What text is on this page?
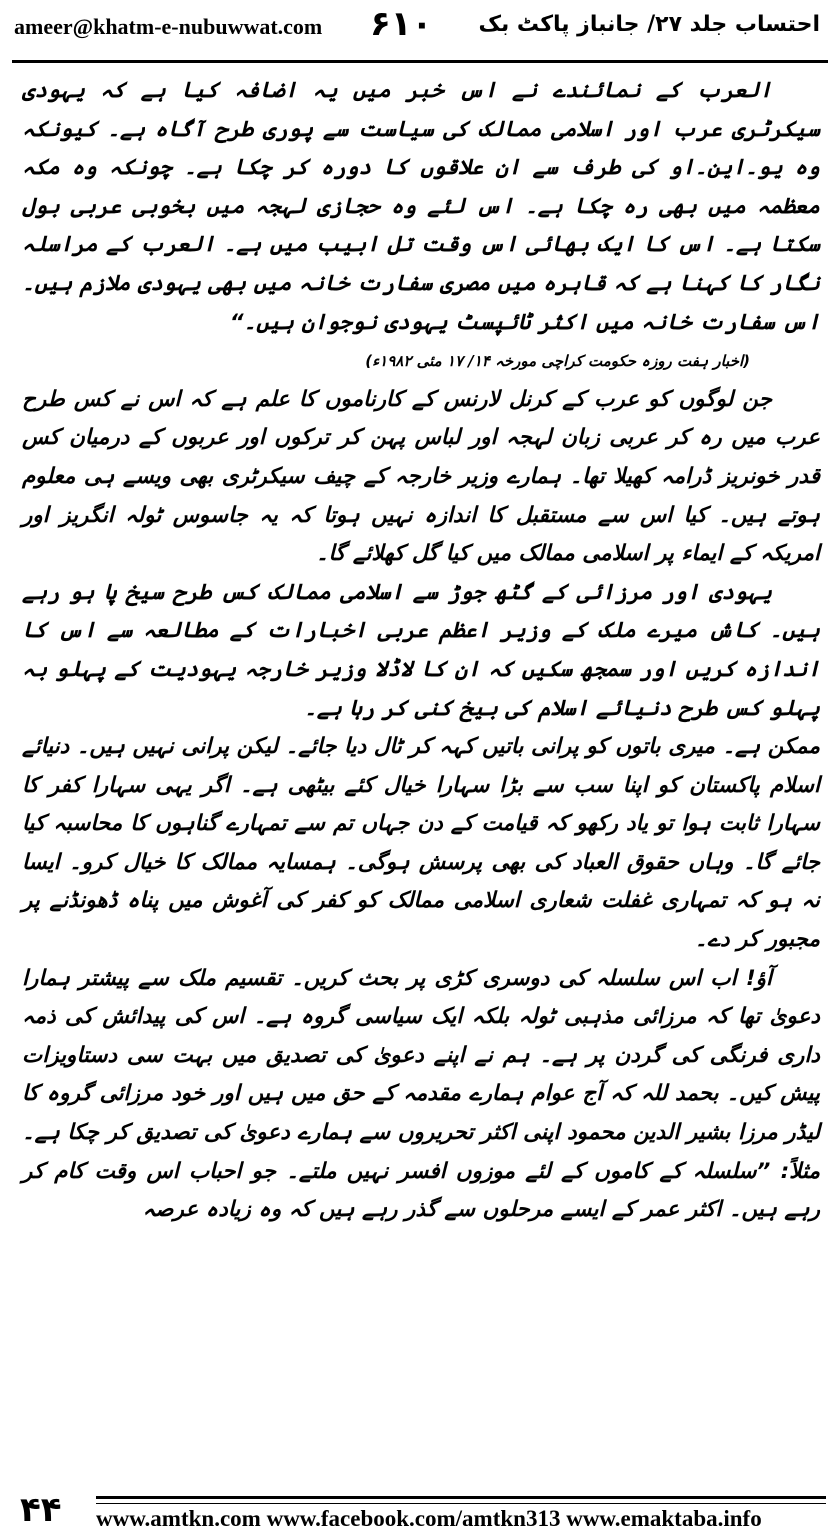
ameer@khatm-e-nubuwwat.com ۶۱۰ احتساب جلد ۲۷/ جانباز پاکٹ بک

العرب کے نمائندے نے اس خبر میں یہ اضافہ کیا ہے کہ یہودی سیکرٹری عرب اور اسلامی ممالک کی سیاست سے پوری طرح آگاہ ہے۔ کیونکہ وہ یو۔این۔او کی طرف سے ان علاقوں کا دورہ کر چکا ہے۔ چونکہ وہ مکہ معظمہ میں بھی رہ چکا ہے۔ اس لئے وہ حجازی لہجہ میں بخوبی عربی بول سکتا ہے۔ اس کا ایک بھائی اس وقت تل ابیب میں ہے۔ العرب کے مراسلہ نگار کا کہنا ہے کہ قاہرہ میں مصری سفارت خانہ میں بھی یہودی ملازم ہیں۔ اس سفارت خانہ میں اکثر ٹائپسٹ یہودی نوجوان ہیں۔“

(اخبار ہفت روزہ حکومت کراچی مورخہ ۱۴/ ۱۷ مئی ۱۹۸۲ء)

جن لوگوں کو عرب کے کرنل لارنس کے کارناموں کا علم ہے کہ اس نے کس طرح عرب میں رہ کر عربی زبان لہجہ اور لباس پہن کر ترکوں اور عربوں کے درمیان کس قدر خونریز ڈرامہ کھیلا تھا۔ ہمارے وزیر خارجہ کے چیف سیکرٹری بھی ویسے ہی معلوم ہوتے ہیں۔ کیا اس سے مستقبل کا اندازہ نہیں ہوتا کہ یہ جاسوس ٹولہ انگریز اور امریکہ کے ایماء پر اسلامی ممالک میں کیا گل کھلائے گا۔

یہودی اور مرزائی کے گٹھ جوڑ سے اسلامی ممالک کس طرح سیخ پا ہو رہے ہیں۔ کاش میرے ملک کے وزیر اعظم عربی اخبارات کے مطالعہ سے اس کا اندازہ کریں اور سمجھ سکیں کہ ان کا لاڈلا وزیر خارجہ یہودیت کے پہلو بہ پہلو کس طرح دنیائے اسلام کی بیخ کنی کر رہا ہے۔

ممکن ہے۔ میری باتوں کو پرانی باتیں کہہ کر ٹال دیا جائے۔ لیکن پرانی نہیں ہیں۔ دنیائے اسلام پاکستان کو اپنا سب سے بڑا سہارا خیال کئے بیٹھی ہے۔ اگر یہی سہارا کفر کا سہارا ثابت ہوا تو یاد رکھو کہ قیامت کے دن جہاں تم سے تمہارے گناہوں کا محاسبہ کیا جائے گا۔ وہاں حقوق العباد کی بھی پرسش ہوگی۔ ہمسایہ ممالک کا خیال کرو۔ ایسا نہ ہو کہ تمہاری غفلت شعاری اسلامی ممالک کو کفر کی آغوش میں پناہ ڈھونڈنے پر مجبور کر دے۔

آؤ! اب اس سلسلہ کی دوسری کڑی پر بحث کریں۔ تقسیم ملک سے پیشتر ہمارا دعویٰ تھا کہ مرزائی مذہبی ٹولہ بلکہ ایک سیاسی گروہ ہے۔ اس کی پیدائش کی ذمہ داری فرنگی کی گردن پر ہے۔ ہم نے اپنے دعویٰ کی تصدیق میں بہت سی دستاویزات پیش کیں۔ بحمد للہ کہ آج عوام ہمارے مقدمہ کے حق میں ہیں اور خود مرزائی گروہ کا لیڈر مرزا بشیر الدین محمود اپنی اکثر تحریروں سے ہمارے دعویٰ کی تصدیق کر چکا ہے۔ مثلاً: ”سلسلہ کے کاموں کے لئے موزوں افسر نہیں ملتے۔ جو احباب اس وقت کام کر رہے ہیں۔ اکثر عمر کے ایسے مرحلوں سے گذر رہے ہیں کہ وہ زیادہ عرصہ

۴۴ www.amtkn.com www.facebook.com/amtkn313 www.emaktaba.info
